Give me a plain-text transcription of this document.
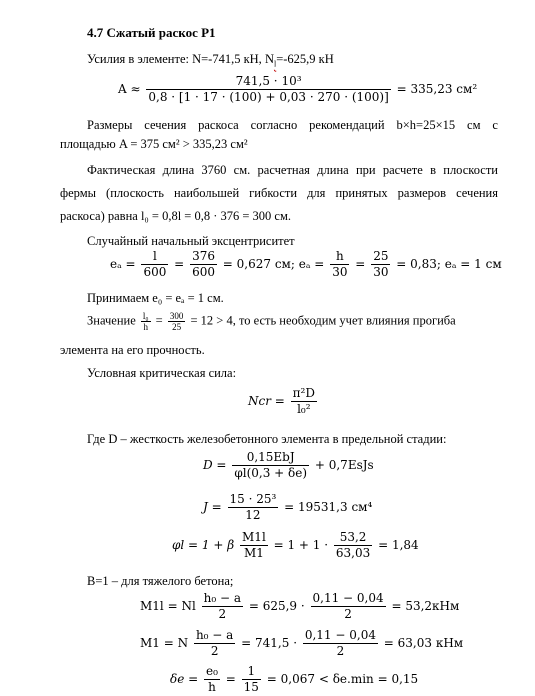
4.7 Сжатый раскос Р1
Усилия в элементе: N=-741,5 кН, $N_l=-625,9$ кН
$A \approx \frac{\text{741,5 · 10³}}{0,8 \cdot [1 \cdot 17 \cdot (100) + 0,03 \cdot 270 \cdot (100)]} = 335,23$ см²
Размеры сечения раскоса согласно рекомендаций b×h=25×15 см с
площадью A = 375 см² > 335,23 см²
Фактическая длина 3760 см. расчетная длина при расчете в плоскости
фермы (плоскость наибольшей гибкости для принятых размеров сечения
раскоса) равна l₀ = 0,8l = 0,8 · 376 = 300 см.
Случайный начальный эксцентриситет
$e_a = \frac{l}{600} = \frac{376}{600} = 0,627$ см; $e_a = \frac{h}{30} = \frac{25}{30} = 0,83$; eₐ = 1 см
Принимаем e₀ = eₐ = 1 см.
Значение $\frac{\text{l₀}}{h} = \frac{300}{25} = 12 > 4$, то есть необходим учет влияния прогиба
элемента на его прочность.
Условная критическая сила:
Ncr = $\frac{\text{π²D}}{\text{l₀²}}$
Где D – жесткость железобетонного элемента в предельной стадии:
$D = \frac{\text{0,15EbJ}}{\varphi l(0,3 + \delta e)}$ + 0,7EsJs
$J = \frac{\text{15 · 25³}}{12} = 19531,3$ см⁴
φl = 1 + β $\frac{M1l}{M1} = 1 + 1 \cdot \frac{53,2}{63,03} = 1,84$
B=1 – для тяжелого бетона;
M1l = Nl $\frac{\text{h₀ − a}}{2} = 625,9 \cdot \frac{0,11 - 0,04}{2} = 53,2кНм$
M1 = N $\frac{\text{h₀ − a}}{2} = 741,5 \cdot \frac{0,11 - 0,04}{2} = 63,03$ кНм
$\delta e = \frac{\text{e₀}}{h} = \frac{1}{15} = 0,067 < \delta e.\min = 0,15$
